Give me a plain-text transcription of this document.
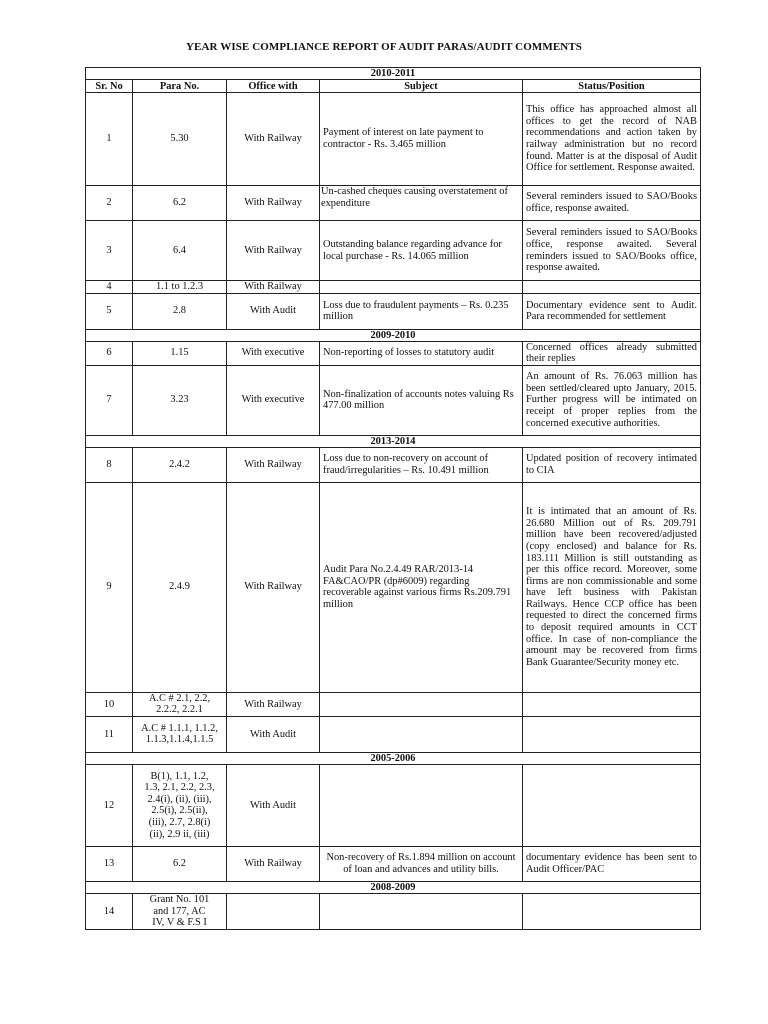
YEAR WISE COMPLIANCE REPORT OF AUDIT PARAS/AUDIT COMMENTS
2010-2011				
Sr. No	Para No.	Office with	Subject	Status/Position
1	5.30	With Railway	Payment of interest on late payment to contractor - Rs. 3.465 million	This office has approached almost all offices to get the record of NAB recommendations and action taken by railway administration but no record found. Matter is at the disposal of Audit Office for settlement. Response awaited.
2	6.2	With Railway	Un-cashed cheques causing overstatement of expenditure	Several reminders issued to SAO/Books office, response awaited.
3	6.4	With Railway	Outstanding balance regarding advance for local purchase - Rs. 14.065 million	Several reminders issued to SAO/Books office, response awaited. Several reminders issued to SAO/Books office, response awaited.
4	1.1 to 1.2.3	With Railway		
5	2.8	With Audit	Loss due to fraudulent payments – Rs. 0.235 million	Documentary evidence sent to Audit. Para recommended for settlement
2009-2010				
6	1.15	With executive	Non-reporting of losses to statutory audit	Concerned offices already submitted their replies
7	3.23	With executive	Non-finalization of accounts notes valuing Rs 477.00 million	An amount of Rs. 76.063 million has been settled/cleared upto January, 2015. Further progress will be intimated on receipt of proper replies from the concerned executive authorities.
2013-2014				
8	2.4.2	With Railway	Loss due to non-recovery on account of fraud/irregularities – Rs. 10.491 million	Updated position of recovery intimated to CIA
9	2.4.9	With Railway	Audit Para No.2.4.49 RAR/2013-14 FA&CAO/PR (dp#6009) regarding recoverable against various firms Rs.209.791 million	It is intimated that an amount of Rs. 26.680 Million out of Rs. 209.791 million have been recovered/adjusted (copy enclosed) and balance for Rs. 183.111 Million is still outstanding as per this office record. Moreover, some firms are non commissionable and some have left business with Pakistan Railways. Hence CCP office has been requested to direct the concerned firms to deposit required amounts in CCT office. In case of non-compliance the amount may be recovered from firms Bank Guarantee/Security money etc.
10	A.C # 2.1, 2.2, 2.2.2, 2.2.1	With Railway		
11	A.C # 1.1.1, 1.1.2, 1.1.3,1.1.4,1.1.5	With Audit		
2005-2006				
12	B(1), 1.1, 1.2, 1.3, 2.1, 2.2, 2.3, 2.4(i), (ii), (iii), 2.5(i), 2.5(ii), (iii), 2.7, 2.8(i)(ii), 2.9 ii, (iii)	With Audit		
13	6.2	With Railway	Non-recovery of Rs.1.894 million on account of loan and advances and utility bills.	documentary evidence has been sent to Audit Officer/PAC
2008-2009				
14	Grant No. 101 and 177, AC IV, V & F.S I			
